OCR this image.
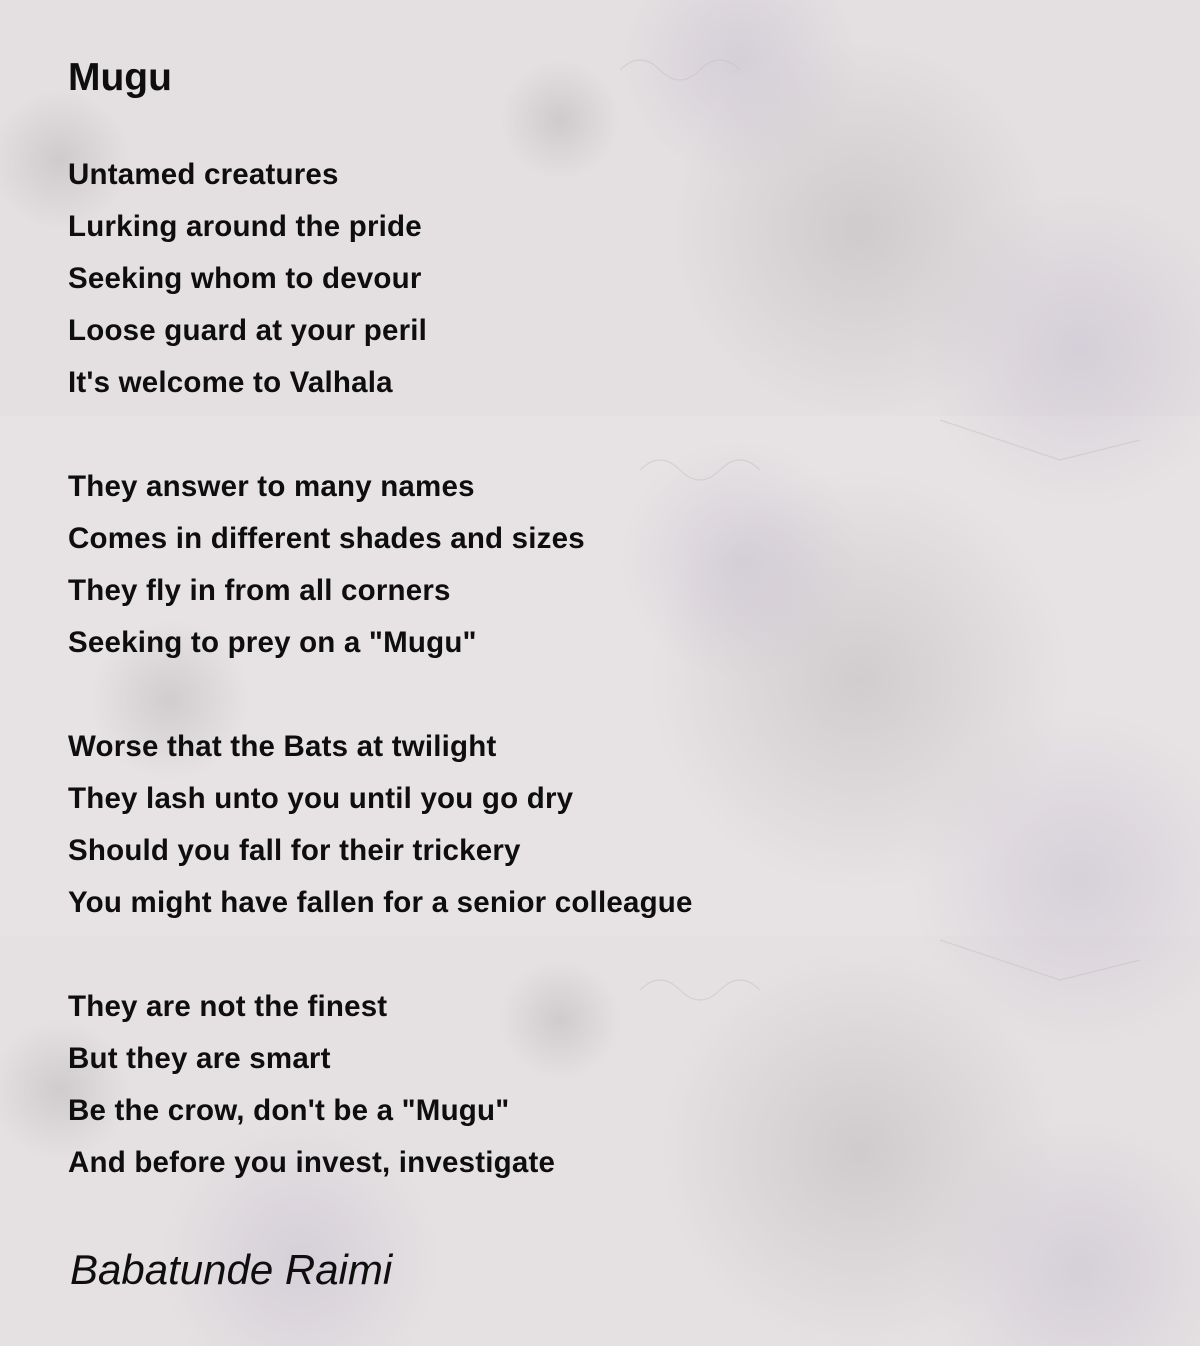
Mugu
Untamed creatures
Lurking around the pride
Seeking whom to devour
Loose guard at your peril
It's welcome to Valhala
They answer to many names
Comes in different shades and sizes
They fly in from all corners
Seeking to prey on a "Mugu"
Worse that the Bats at twilight
They lash unto you until you go dry
Should you fall for their trickery
You might have fallen for a senior colleague
They are not the finest
But they are smart
Be the crow, don't be a "Mugu"
And before you invest, investigate

Babatunde Raimi
